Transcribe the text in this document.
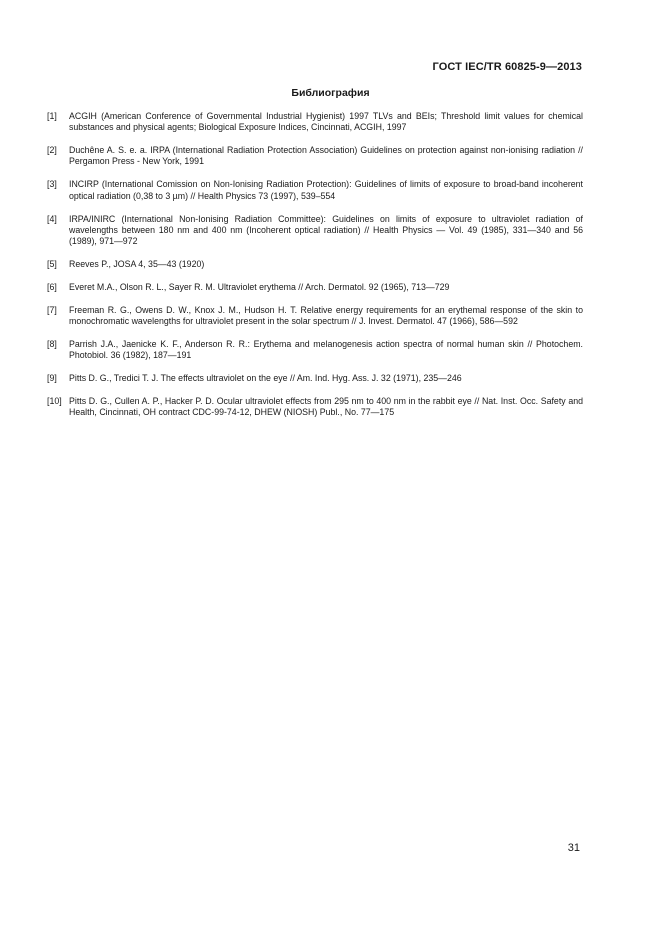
ГОСТ IEC/TR 60825-9—2013
Библиография
[1] ACGIH (American Conference of Governmental Industrial Hygienist) 1997 TLVs and BEIs; Threshold limit values for chemical substances and physical agents; Biological Exposure Indices, Cincinnati, ACGIH, 1997
[2] Duchêne A. S. e. a. IRPA (International Radiation Protection Association) Guidelines on protection against non-ionising radiation // Pergamon Press - New York, 1991
[3] INCIRP (International Comission on Non-Ionising Radiation Protection): Guidelines of limits of exposure to broad-band incoherent optical radiation (0,38 to 3 µm) // Health Physics 73 (1997), 539–554
[4] IRPA/INIRC (International Non-Ionising Radiation Committee): Guidelines on limits of exposure to ultraviolet radiation of wavelengths between 180 nm and 400 nm (Incoherent optical radiation) // Health Physics — Vol. 49 (1985), 331—340 and 56 (1989), 971—972
[5] Reeves P., JOSA 4, 35—43 (1920)
[6] Everet M.A., Olson R. L., Sayer R. M. Ultraviolet erythema // Arch. Dermatol. 92 (1965), 713—729
[7] Freeman R. G., Owens D. W., Knox J. M., Hudson H. T. Relative energy requirements for an erythemal response of the skin to monochromatic wavelengths for ultraviolet present in the solar spectrum // J. Invest. Dermatol. 47 (1966), 586—592
[8] Parrish J.A., Jaenicke K. F., Anderson R. R.: Erythema and melanogenesis action spectra of normal human skin // Photochem. Photobiol. 36 (1982), 187—191
[9] Pitts D. G., Tredici T. J. The effects ultraviolet on the eye // Am. Ind. Hyg. Ass. J. 32 (1971), 235—246
[10] Pitts D. G., Cullen A. P., Hacker P. D. Ocular ultraviolet effects from 295 nm to 400 nm in the rabbit eye // Nat. Inst. Occ. Safety and Health, Cincinnati, OH contract CDC-99-74-12, DHEW (NIOSH) Publ., No. 77—175
31
